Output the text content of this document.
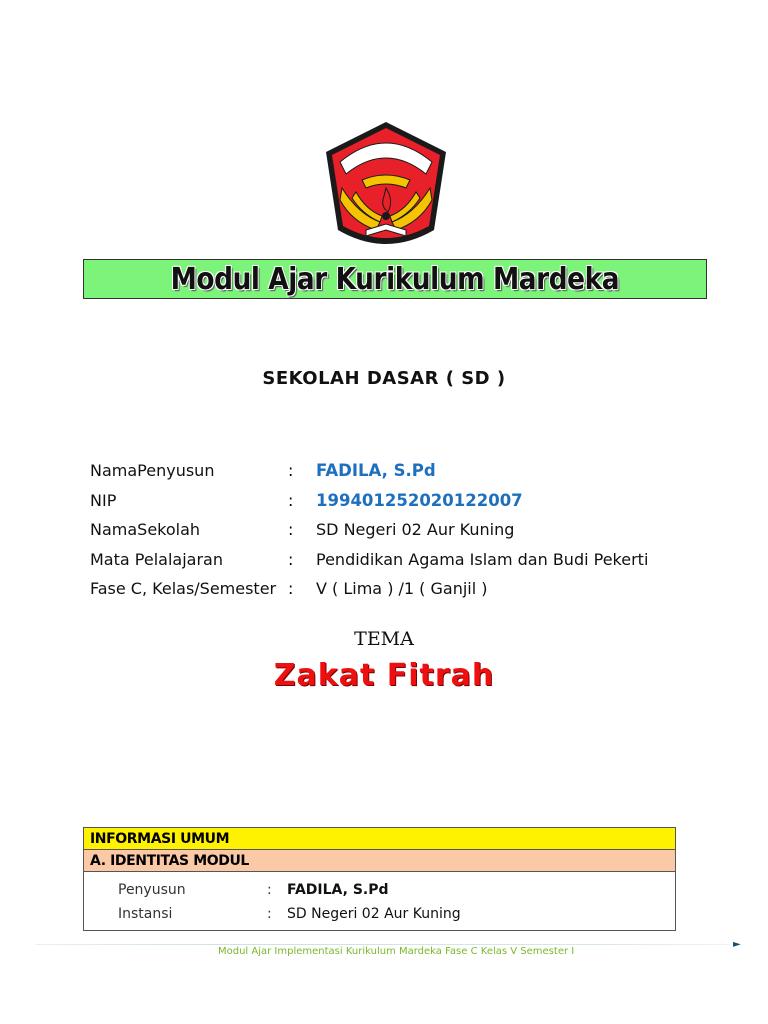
Modul Ajar Kurikulum Mardeka
SEKOLAH DASAR ( SD )
NamaPenyusun	:	FADILA, S.Pd
NIP	:	199401252020122007
NamaSekolah	:	SD Negeri 02 Aur Kuning
Mata Pelalajaran	:	Pendidikan Agama Islam dan Budi Pekerti
Fase C, Kelas/Semester :	V ( Lima ) /1 ( Ganjil )
TEMA
Zakat Fitrah
INFORMASI UMUM
A. IDENTITAS MODUL
Penyusun	:	FADILA, S.Pd
Instansi	:	SD Negeri 02 Aur Kuning
►
Modul Ajar Implementasi Kurikulum Mardeka Fase C Kelas V Semester I
